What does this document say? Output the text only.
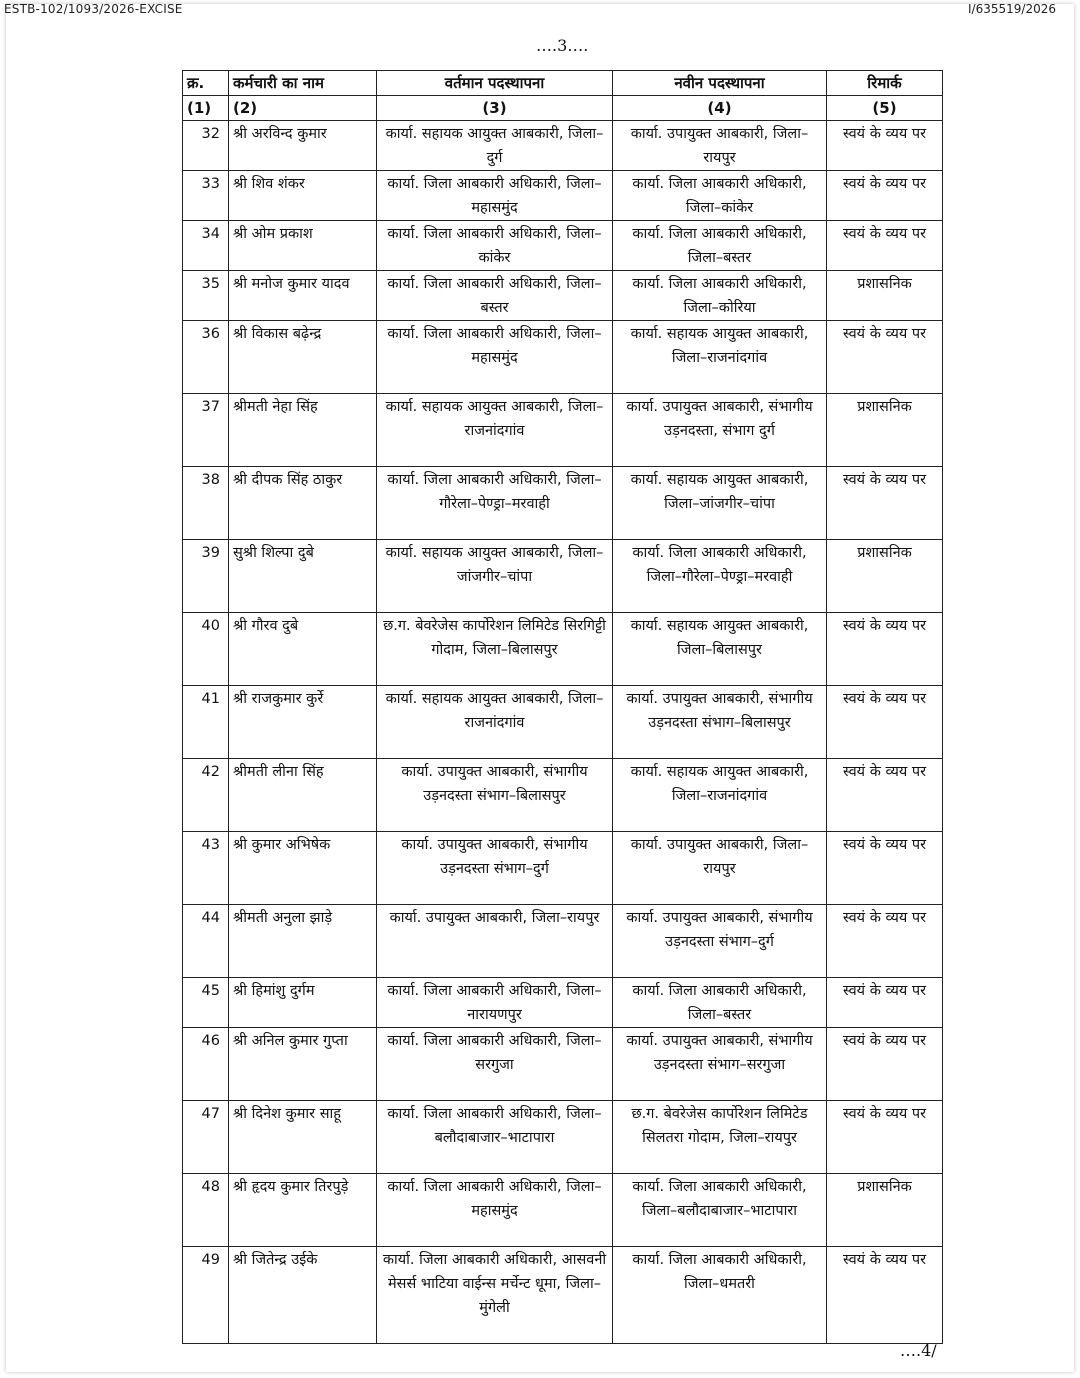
ESTB-102/1093/2026-EXCISE	I/635519/2026
….3….
क्र.	कर्मचारी का नाम	वर्तमान पदस्थापना	नवीन पदस्थापना	रिमार्क
(1)	(2)	(3)	(4)	(5)
32	श्री अरविन्द कुमार	कार्या. सहायक आयुक्त आबकारी, जिला–दुर्ग	कार्या. उपायुक्त आबकारी, जिला–रायपुर	स्वयं के व्यय पर
33	श्री शिव शंकर	कार्या. जिला आबकारी अधिकारी, जिला–महासमुंद	कार्या. जिला आबकारी अधिकारी, जिला–कांकेर	स्वयं के व्यय पर
34	श्री ओम प्रकाश	कार्या. जिला आबकारी अधिकारी, जिला–कांकेर	कार्या. जिला आबकारी अधिकारी, जिला–बस्तर	स्वयं के व्यय पर
35	श्री मनोज कुमार यादव	कार्या. जिला आबकारी अधिकारी, जिला–बस्तर	कार्या. जिला आबकारी अधिकारी, जिला–कोरिया	प्रशासनिक
36	श्री विकास बढ़ेन्द्र	कार्या. जिला आबकारी अधिकारी, जिला–महासमुंद	कार्या. सहायक आयुक्त आबकारी, जिला–राजनांदगांव	स्वयं के व्यय पर
37	श्रीमती नेहा सिंह	कार्या. सहायक आयुक्त आबकारी, जिला–राजनांदगांव	कार्या. उपायुक्त आबकारी, संभागीय उड़नदस्ता, संभाग दुर्ग	प्रशासनिक
38	श्री दीपक सिंह ठाकुर	कार्या. जिला आबकारी अधिकारी, जिला–गौरेला–पेण्ड्रा–मरवाही	कार्या. सहायक आयुक्त आबकारी, जिला–जांजगीर–चांपा	स्वयं के व्यय पर
39	सुश्री शिल्पा दुबे	कार्या. सहायक आयुक्त आबकारी, जिला–जांजगीर–चांपा	कार्या. जिला आबकारी अधिकारी, जिला–गौरेला–पेण्ड्रा–मरवाही	प्रशासनिक
40	श्री गौरव दुबे	छ.ग. बेवरेजेस कार्पोरेशन लिमिटेड सिरगिट्टी गोदाम, जिला–बिलासपुर	कार्या. सहायक आयुक्त आबकारी, जिला–बिलासपुर	स्वयं के व्यय पर
41	श्री राजकुमार कुर्रे	कार्या. सहायक आयुक्त आबकारी, जिला–राजनांदगांव	कार्या. उपायुक्त आबकारी, संभागीय उड़नदस्ता संभाग–बिलासपुर	स्वयं के व्यय पर
42	श्रीमती लीना सिंह	कार्या. उपायुक्त आबकारी, संभागीय उड़नदस्ता संभाग–बिलासपुर	कार्या. सहायक आयुक्त आबकारी, जिला–राजनांदगांव	स्वयं के व्यय पर
43	श्री कुमार अभिषेक	कार्या. उपायुक्त आबकारी, संभागीय उड़नदस्ता संभाग–दुर्ग	कार्या. उपायुक्त आबकारी, जिला–रायपुर	स्वयं के व्यय पर
44	श्रीमती अनुला झाड़े	कार्या. उपायुक्त आबकारी, जिला–रायपुर	कार्या. उपायुक्त आबकारी, संभागीय उड़नदस्ता संभाग–दुर्ग	स्वयं के व्यय पर
45	श्री हिमांशु दुर्गम	कार्या. जिला आबकारी अधिकारी, जिला–नारायणपुर	कार्या. जिला आबकारी अधिकारी, जिला–बस्तर	स्वयं के व्यय पर
46	श्री अनिल कुमार गुप्ता	कार्या. जिला आबकारी अधिकारी, जिला–सरगुजा	कार्या. उपायुक्त आबकारी, संभागीय उड़नदस्ता संभाग–सरगुजा	स्वयं के व्यय पर
47	श्री दिनेश कुमार साहू	कार्या. जिला आबकारी अधिकारी, जिला–बलौदाबाजार–भाटापारा	छ.ग. बेवरेजेस कार्पोरेशन लिमिटेड सिलतरा गोदाम, जिला–रायपुर	स्वयं के व्यय पर
48	श्री हृदय कुमार तिरपुड़े	कार्या. जिला आबकारी अधिकारी, जिला–महासमुंद	कार्या. जिला आबकारी अधिकारी, जिला–बलौदाबाजार–भाटापारा	प्रशासनिक
49	श्री जितेन्द्र उईके	कार्या. जिला आबकारी अधिकारी, आसवनी मेसर्स भाटिया वाईन्स मर्चेन्ट धूमा, जिला–मुंगेली	कार्या. जिला आबकारी अधिकारी, जिला–धमतरी	स्वयं के व्यय पर
….4/
